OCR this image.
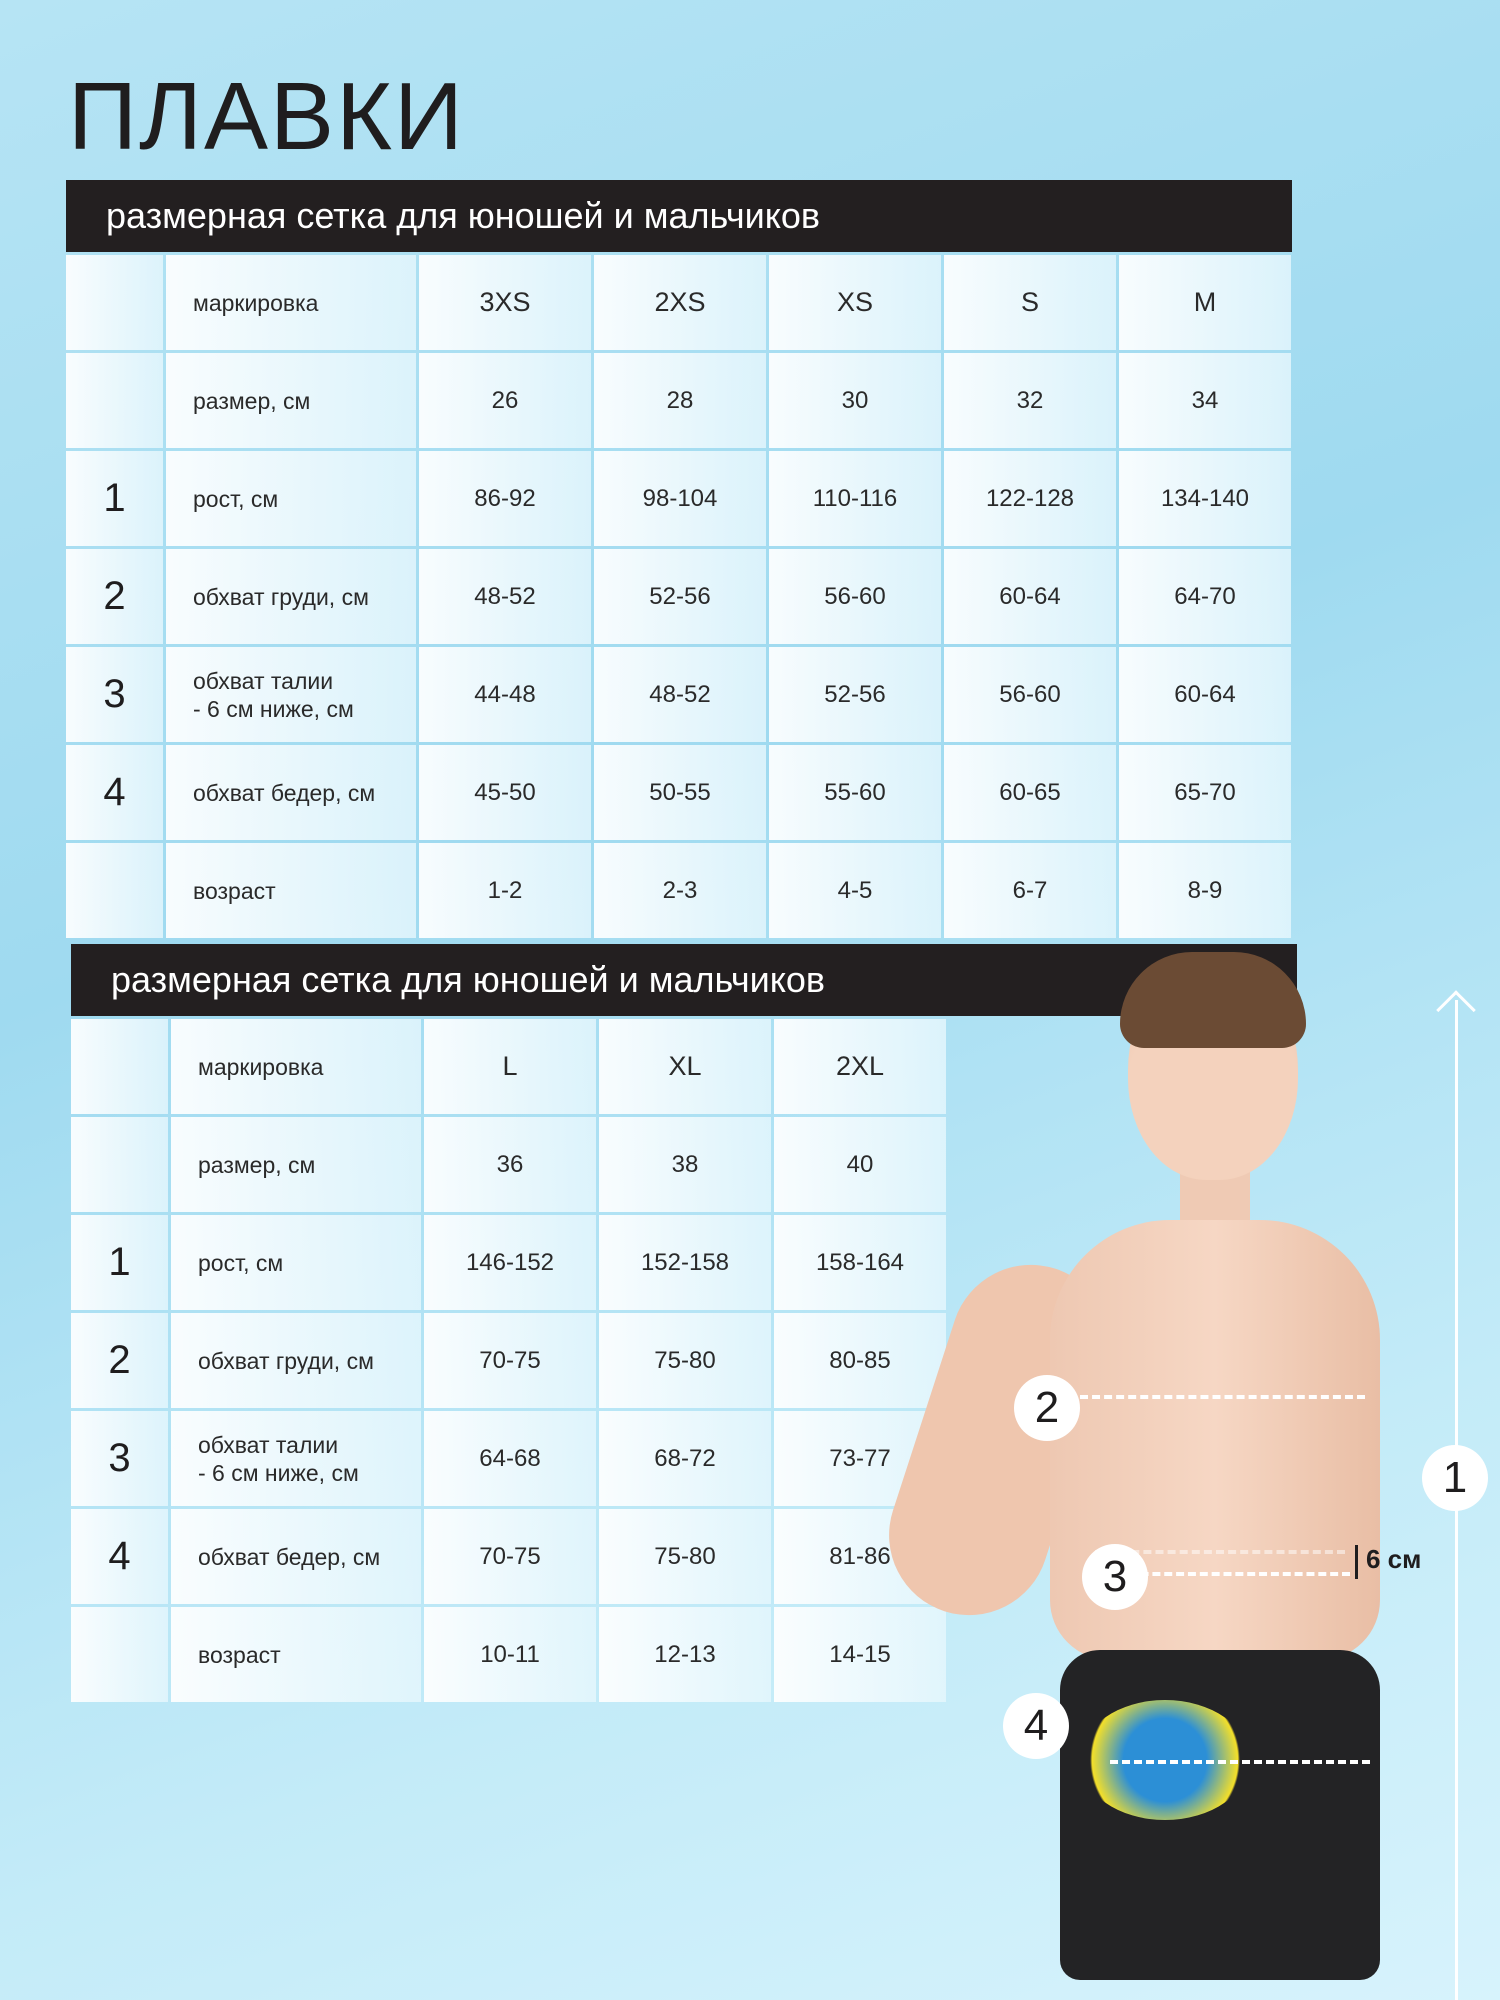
ПЛАВКИ
размерная сетка для юношей и мальчиков
маркировка	3XS	2XS	XS	S	M
размер, см	26	28	30	32	34
1	рост, см	86-92	98-104	110-116	122-128	134-140
2	обхват груди, см	48-52	52-56	56-60	60-64	64-70
3	обхват талии
- 6 см ниже, см
44-48	48-52	52-56	56-60	60-64
4	обхват бедер, см	45-50	50-55	55-60	60-65	65-70
возраст	1-2	2-3	4-5	6-7	8-9
размерная сетка для юношей и мальчиков
маркировка	L	XL	2XL
размер, см	36	38	40
1	рост, см	146-152	152-158	158-164
2	обхват груди, см	70-75	75-80	80-85
3	обхват талии
- 6 см ниже, см
64-68	68-72	73-77
4	обхват бедер, см	70-75	75-80	81-86
возраст	10-11	12-13	14-15
6 см
1
2
3
4
